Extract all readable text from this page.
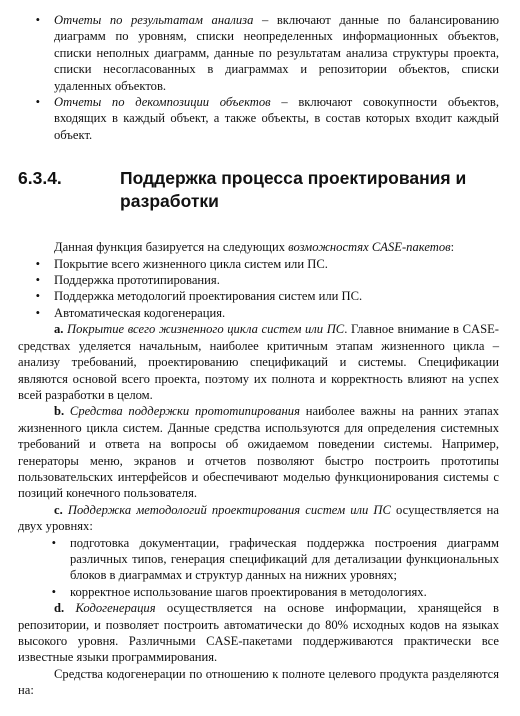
•
Отчеты по результатам анализа – включают данные по балансированию диаграмм по уровням, списки неопределенных информационных объектов, списки неполных диаграмм, данные по результатам анализа структуры проекта, списки несогласованных в диаграммах и репозитории объектов, списки удаленных объектов.

•
Отчеты по декомпозиции объектов – включают совокупности объектов, входящих в каждый объект, а также объекты, в состав которых входит каждый объект.

6.3.4.	Поддержка процесса проектирования и разработки

Данная функция базируется на следующих возможностях CASE-пакетов:

•
Покрытие всего жизненного цикла систем или ПС.

•
Поддержка прототипирования.

•
Поддержка методологий проектирования систем или ПС.

•
Автоматическая кодогенерация.

a. Покрытие всего жизненного цикла систем или ПС. Главное внимание в CASE-средствах уделяется начальным, наиболее критичным этапам жизненного цикла – анализу требований, проектированию спецификаций и системы. Спецификации являются основой всего проекта, поэтому их полнота и корректность влияют на успех всей разработки в целом.

b. Средства поддержки прототипирования наиболее важны на ранних этапах жизненного цикла систем. Данные средства используются для определения системных требований и ответа на вопросы об ожидаемом поведении системы. Например, генераторы меню, экранов и отчетов позволяют быстро построить прототипы пользовательских интерфейсов и обеспечивают моделью функционирования системы с позиций конечного пользователя.

c. Поддержка методологий проектирования систем или ПС осуществляется на двух уровнях:

•
подготовка документации, графическая поддержка построения диаграмм различных типов, генерация спецификаций для детализации функциональных блоков в диаграммах и структур данных на нижних уровнях;

•
корректное использование шагов проектирования в методологиях.

d. Кодогенерация осуществляется на основе информации, хранящейся в репозитории, и позволяет построить автоматически до 80% исходных кодов на языках высокого уровня. Различными CASE-пакетами поддерживаются практически все известные языки программирования.

Средства кодогенерации по отношению к полноте целевого продукта разделяются на:
